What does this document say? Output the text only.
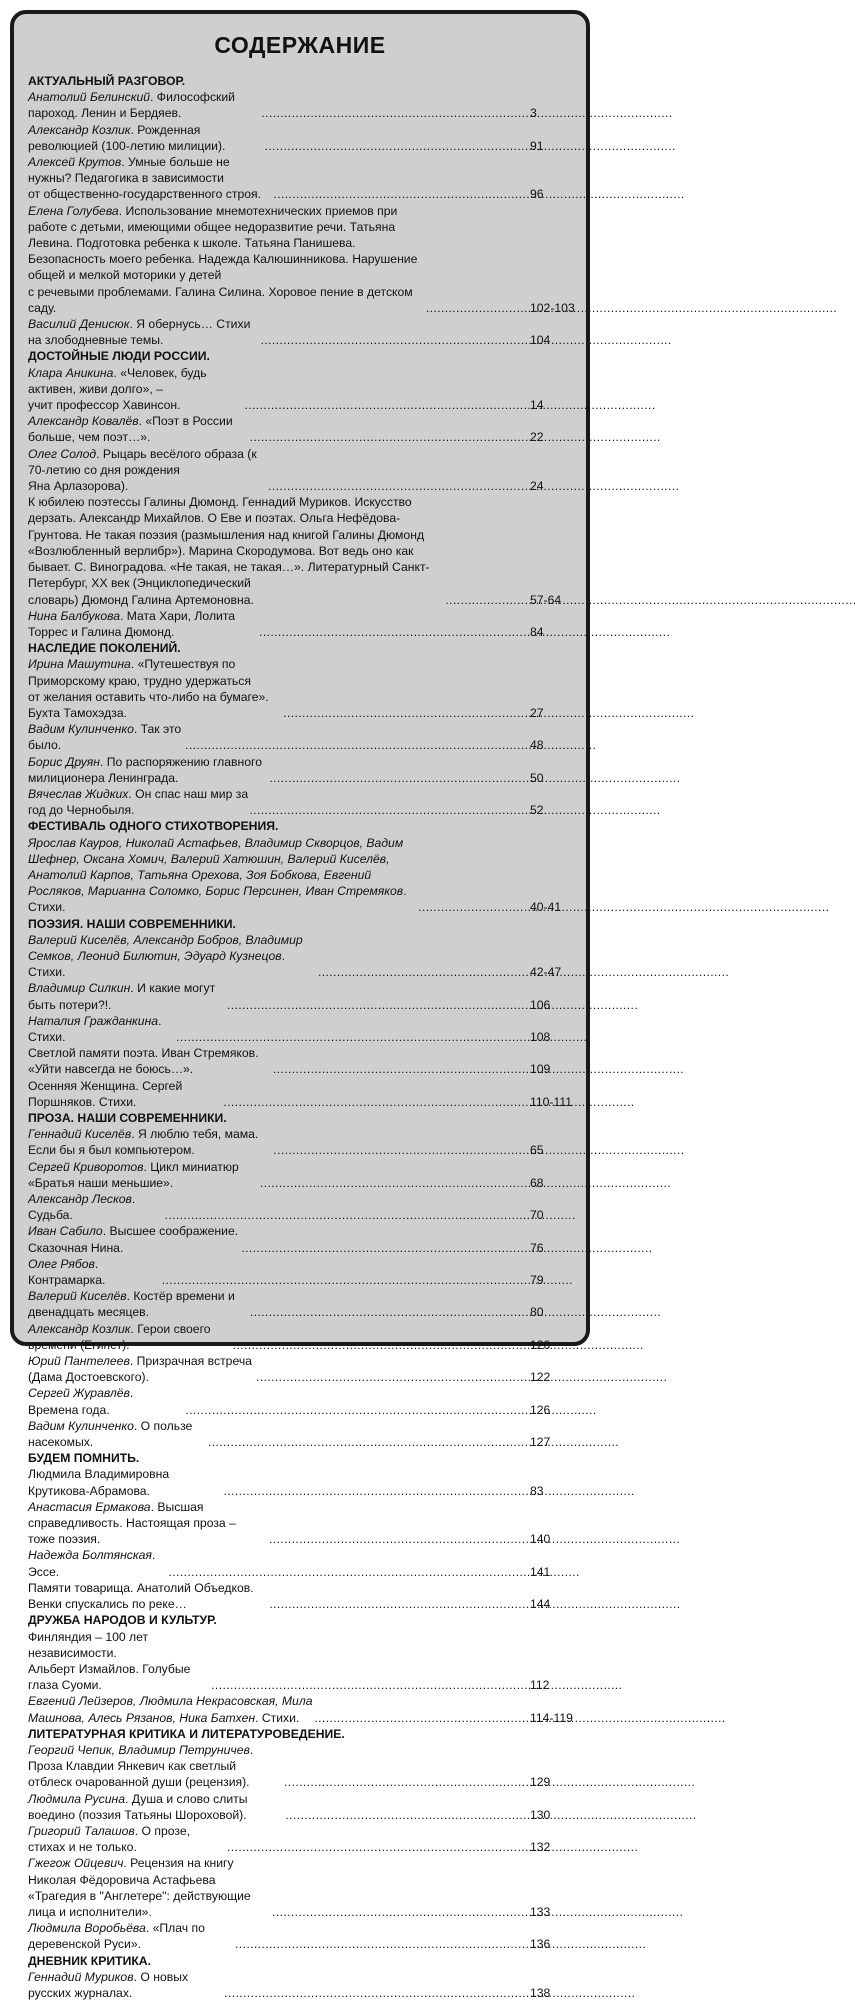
СОДЕРЖАНИЕ
АКТУАЛЬНЫЙ РАЗГОВОР.
Анатолий Белинский. Философский пароход. Ленин и Бердяев. . . .	3
Александр Козлик. Рожденная революцией (100-летию милиции). . . .	91
Алексей Крутов. Умные больше не нужны? Педагогика в зависимости
от общественно-государственного строя. . . .	96
Елена Голубева. Использование мнемотехнических приемов при работе с детьми, имеющими общее недоразвитие речи. Татьяна Левина. Подготовка ребенка к школе. Татьяна Панишева. Безопасность моего ребенка. Надежда Калюшинникова. Нарушение общей и мелкой моторики у детей
с речевыми проблемами. Галина Силина. Хоровое пение в детском саду. . . .	102-103
Василий Денисюк. Я обернусь… Стихи на злободневные темы. . . .	104
ДОСТОЙНЫЕ ЛЮДИ РОССИИ.
Клара Аникина. «Человек, будь активен, живи долго», –
учит профессор Хавинсон. . . .	14
Александр Ковалёв. «Поэт в России больше, чем поэт…». . . .	22
Олег Солод. Рыцарь весёлого образа (к 70-летию со дня рождения
Яна Арлазорова). . . .	24
К юбилею поэтессы Галины Дюмонд. Геннадий Муриков. Искусство дерзать. Александр Михайлов. О Еве и поэтах. Ольга Нефёдова-Грунтова. Не такая поэзия (размышления над книгой Галины Дюмонд «Возлюбленный верлибр»). Марина Скородумова. Вот ведь оно как бывает. С. Виноградова. «Не такая, не такая…». Литературный Санкт-Петербург, XX век (Энциклопедический
словарь) Дюмонд Галина Артемоновна. . . .	57-64
Нина Балбукова. Мата Хари, Лолита Торрес и Галина Дюмонд. . . .	84
НАСЛЕДИЕ ПОКОЛЕНИЙ.
Ирина Машутина. «Путешествуя по Приморскому краю, трудно удержаться
от желания оставить что-либо на бумаге». Бухта Тамохэдза. . . .	27
Вадим Кулинченко. Так это было. . . .	48
Борис Друян. По распоряжению главного милиционера Ленинграда. . . .	50
Вячеслав Жидких. Он спас наш мир за год до Чернобыля. . . .	52
ФЕСТИВАЛЬ ОДНОГО СТИХОТВОРЕНИЯ.
Ярослав Кауров, Николай Астафьев, Владимир Скворцов, Вадим Шефнер, Оксана Хомич, Валерий Хатюшин, Валерий Киселёв, Анатолий Карпов, Татьяна Орехова, Зоя Бобкова, Евгений Росляков, Марианна Соломко, Борис Персинен, Иван Стремяков. Стихи. . . .	40-41
ПОЭЗИЯ. НАШИ СОВРЕМЕННИКИ.
Валерий Киселёв, Александр Бобров, Владимир Семков, Леонид Билютин, Эдуард Кузнецов. Стихи. . . .	42-47
Владимир Силкин. И какие могут быть потери?!. . . .	106
Наталия Гражданкина. Стихи. . . .	108
Светлой памяти поэта. Иван Стремяков. «Уйти навсегда не боюсь…». . . .	109
Осенняя Женщина. Сергей Поршняков. Стихи. . . .	110-111
ПРОЗА. НАШИ СОВРЕМЕННИКИ.
Геннадий Киселёв. Я люблю тебя, мама. Если бы я был компьютером. . . .	65
Сергей Криворотов. Цикл миниатюр «Братья наши меньшие». . . .	68
Александр Лесков. Судьба. . . .	70
Иван Сабило. Высшее соображение. Сказочная Нина. . . .	76
Олег Рябов. Контрамарка. . . .	79
Валерий Киселёв. Костёр времени и двенадцать месяцев. . . .	80
Александр Козлик. Герои своего времени (Египет). . . .	120
Юрий Пантелеев. Призрачная встреча (Дама Достоевского). . . .	122
Сергей Журавлёв. Времена года. . . .	126
Вадим Кулинченко. О пользе насекомых. . . .	127
БУДЕМ ПОМНИТЬ.
Людмила Владимировна Крутикова-Абрамова. . . .	83
Анастасия Ермакова. Высшая справедливость. Настоящая проза –
тоже поэзия. . . .	140
Надежда Болтянская. Эссе. . . .	141
Памяти товарища. Анатолий Объедков. Венки спускались по реке… . . .	144
ДРУЖБА НАРОДОВ И КУЛЬТУР.
Финляндия – 100 лет независимости.
Альберт Измайлов. Голубые глаза Суоми. . . .	112
Евгений Лейзеров, Людмила Некрасовская, Мила Машнова, Алесь Рязанов, Ника Батхен. Стихи. . . .	114-119
ЛИТЕРАТУРНАЯ КРИТИКА И ЛИТЕРАТУРОВЕДЕНИЕ.
Георгий Чепик, Владимир Петруничев. Проза Клавдии Янкевич как светлый
отблеск очарованной души (рецензия). . . .	129
Людмила Русина. Душа и слово слиты воедино (поэзия Татьяны Шороховой). . . .	130
Григорий Талашов. О прозе, стихах и не только. . . .	132
Гжегож Ойцевич. Рецензия на книгу Николая Фёдоровича Астафьева
«Трагедия в "Англетере": действующие лица и исполнители». . . .	133
Людмила Воробьёва. «Плач по деревенской Руси». . . .	136
ДНЕВНИК КРИТИКА.
Геннадий Муриков. О новых русских журналах. . . .	138
